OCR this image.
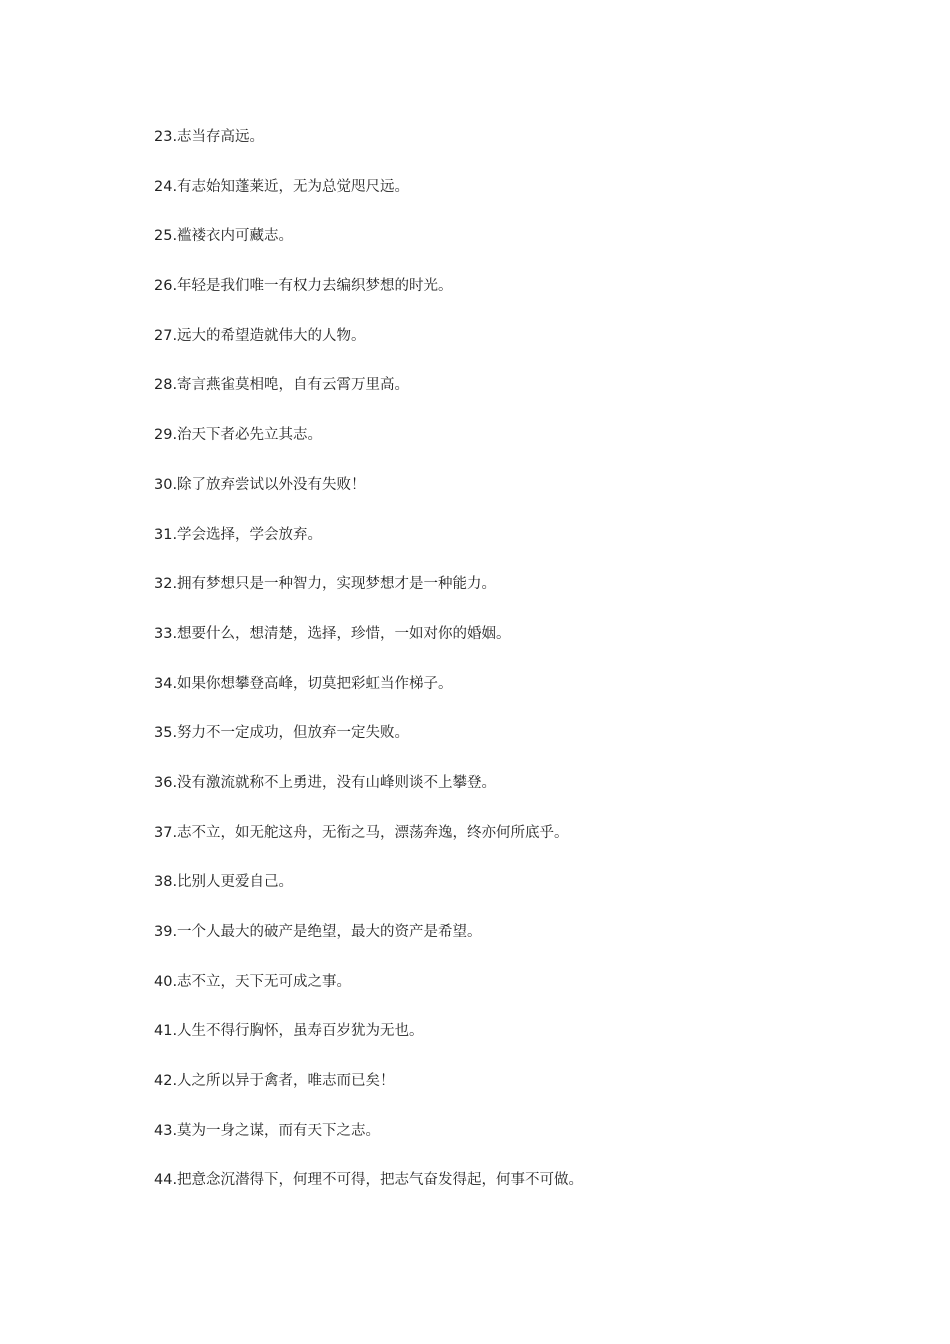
23.志当存高远。
24.有志始知蓬莱近，无为总觉咫尺远。
25.褴褛衣内可藏志。
26.年轻是我们唯一有权力去编织梦想的时光。
27.远大的希望造就伟大的人物。
28.寄言燕雀莫相唣，自有云霄万里高。
29.治天下者必先立其志。
30.除了放弃尝试以外没有失败！
31.学会选择，学会放弃。
32.拥有梦想只是一种智力，实现梦想才是一种能力。
33.想要什么，想清楚，选择，珍惜，一如对你的婚姻。
34.如果你想攀登高峰，切莫把彩虹当作梯子。
35.努力不一定成功，但放弃一定失败。
36.没有激流就称不上勇进，没有山峰则谈不上攀登。
37.志不立，如无舵这舟，无衔之马，漂荡奔逸，终亦何所底乎。
38.比别人更爱自己。
39.一个人最大的破产是绝望，最大的资产是希望。
40.志不立，天下无可成之事。
41.人生不得行胸怀，虽寿百岁犹为无也。
42.人之所以异于禽者，唯志而已矣！
43.莫为一身之谋，而有天下之志。
44.把意念沉潜得下，何理不可得，把志气奋发得起，何事不可做。
